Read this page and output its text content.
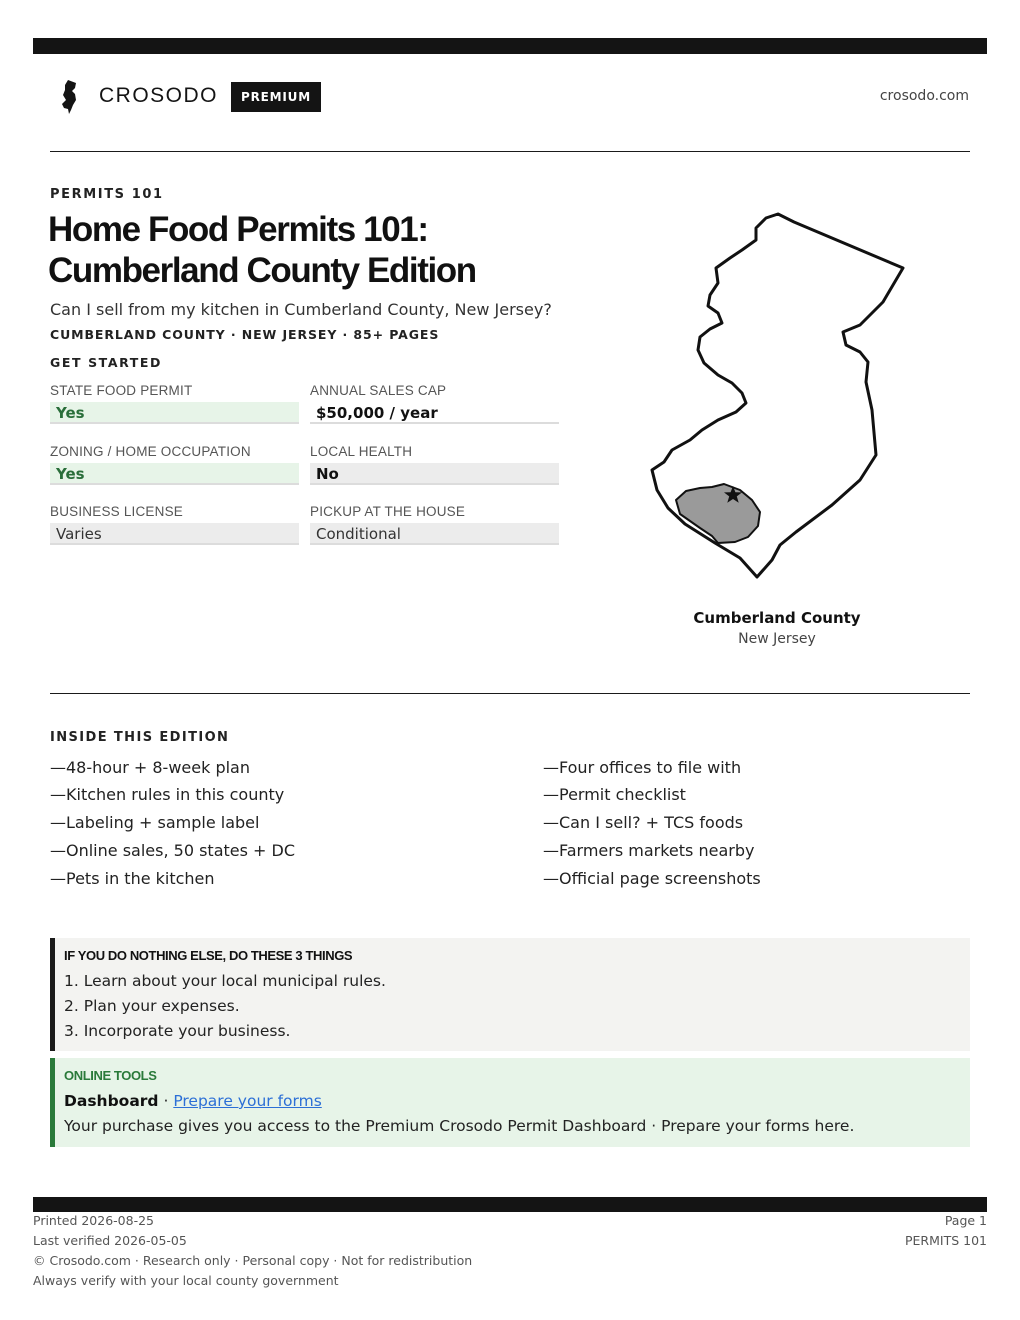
CROSODO	PREMIUM	crosodo.com
PERMITS 101
Home Food Permits 101:
Cumberland County Edition
Can I sell from my kitchen in Cumberland County, New Jersey?
CUMBERLAND COUNTY · NEW JERSEY · 85+ PAGES
GET STARTED
STATE FOOD PERMIT
Yes
ANNUAL SALES CAP
$50,000 / year
ZONING / HOME OCCUPATION
Yes
LOCAL HEALTH
No
BUSINESS LICENSE
Varies
PICKUP AT THE HOUSE
Conditional
Cumberland County
New Jersey
INSIDE THIS EDITION
—48-hour + 8-week plan
—Kitchen rules in this county
—Labeling + sample label
—Online sales, 50 states + DC
—Pets in the kitchen
—Four offices to file with
—Permit checklist
—Can I sell? + TCS foods
—Farmers markets nearby
—Official page screenshots
IF YOU DO NOTHING ELSE, DO THESE 3 THINGS
1. Learn about your local municipal rules.
2. Plan your expenses.
3. Incorporate your business.
ONLINE TOOLS
Dashboard · Prepare your forms
Your purchase gives you access to the Premium Crosodo Permit Dashboard · Prepare your forms here.
Printed 2026-08-25
Last verified 2026-05-05
© Crosodo.com · Research only · Personal copy · Not for redistribution
Always verify with your local county government
Page 1
PERMITS 101
